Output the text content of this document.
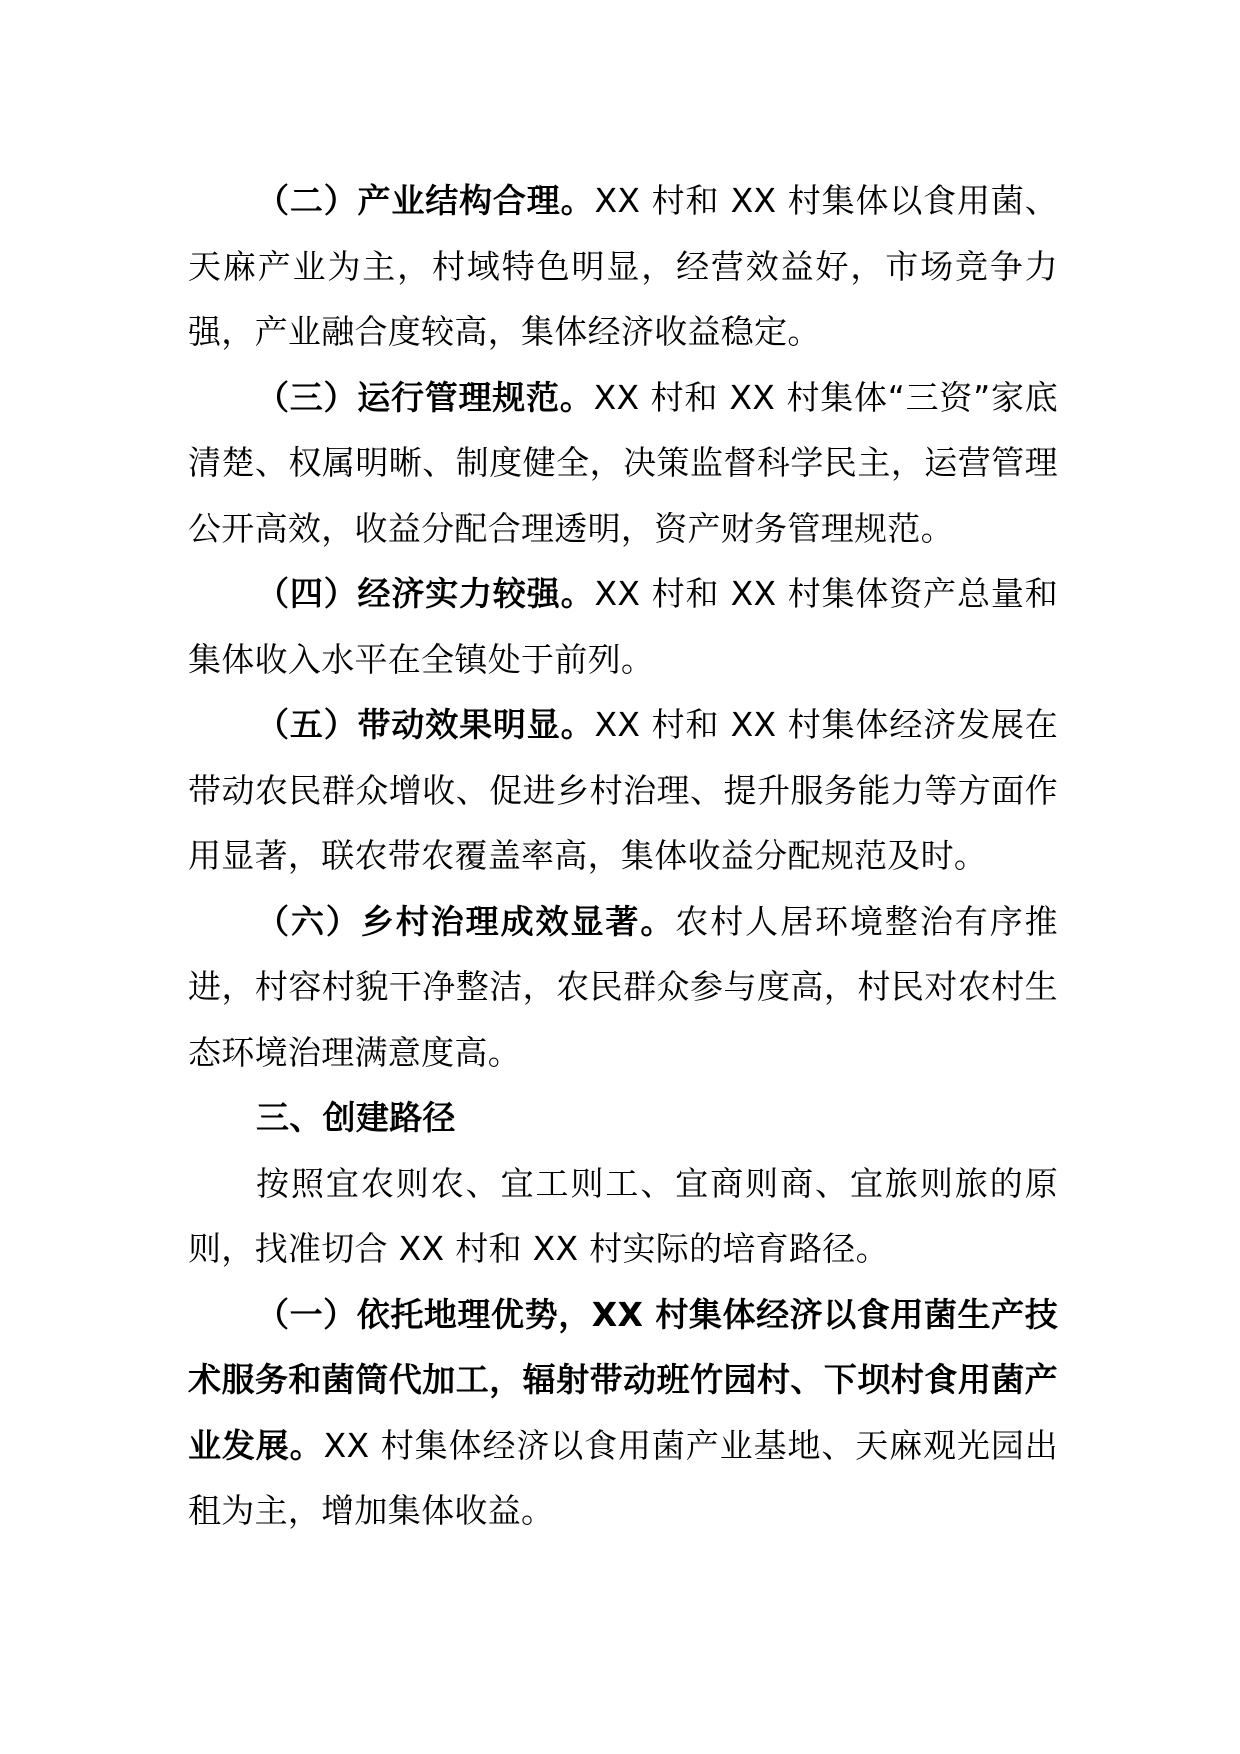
（二）产业结构合理。XX 村和 XX 村集体以食用菌、天麻产业为主，村域特色明显，经营效益好，市场竞争力强，产业融合度较高，集体经济收益稳定。

（三）运行管理规范。XX 村和 XX 村集体“三资”家底清楚、权属明晰、制度健全，决策监督科学民主，运营管理公开高效，收益分配合理透明，资产财务管理规范。

（四）经济实力较强。XX 村和 XX 村集体资产总量和集体收入水平在全镇处于前列。

（五）带动效果明显。XX 村和 XX 村集体经济发展在带动农民群众增收、促进乡村治理、提升服务能力等方面作用显著，联农带农覆盖率高，集体收益分配规范及时。

（六）乡村治理成效显著。农村人居环境整治有序推进，村容村貌干净整洁，农民群众参与度高，村民对农村生态环境治理满意度高。

三、创建路径

按照宜农则农、宜工则工、宜商则商、宜旅则旅的原则，找准切合 XX 村和 XX 村实际的培育路径。

（一）依托地理优势，XX 村集体经济以食用菌生产技术服务和菌筒代加工，辐射带动班竹园村、下坝村食用菌产业发展。XX 村集体经济以食用菌产业基地、天麻观光园出租为主，增加集体收益。
